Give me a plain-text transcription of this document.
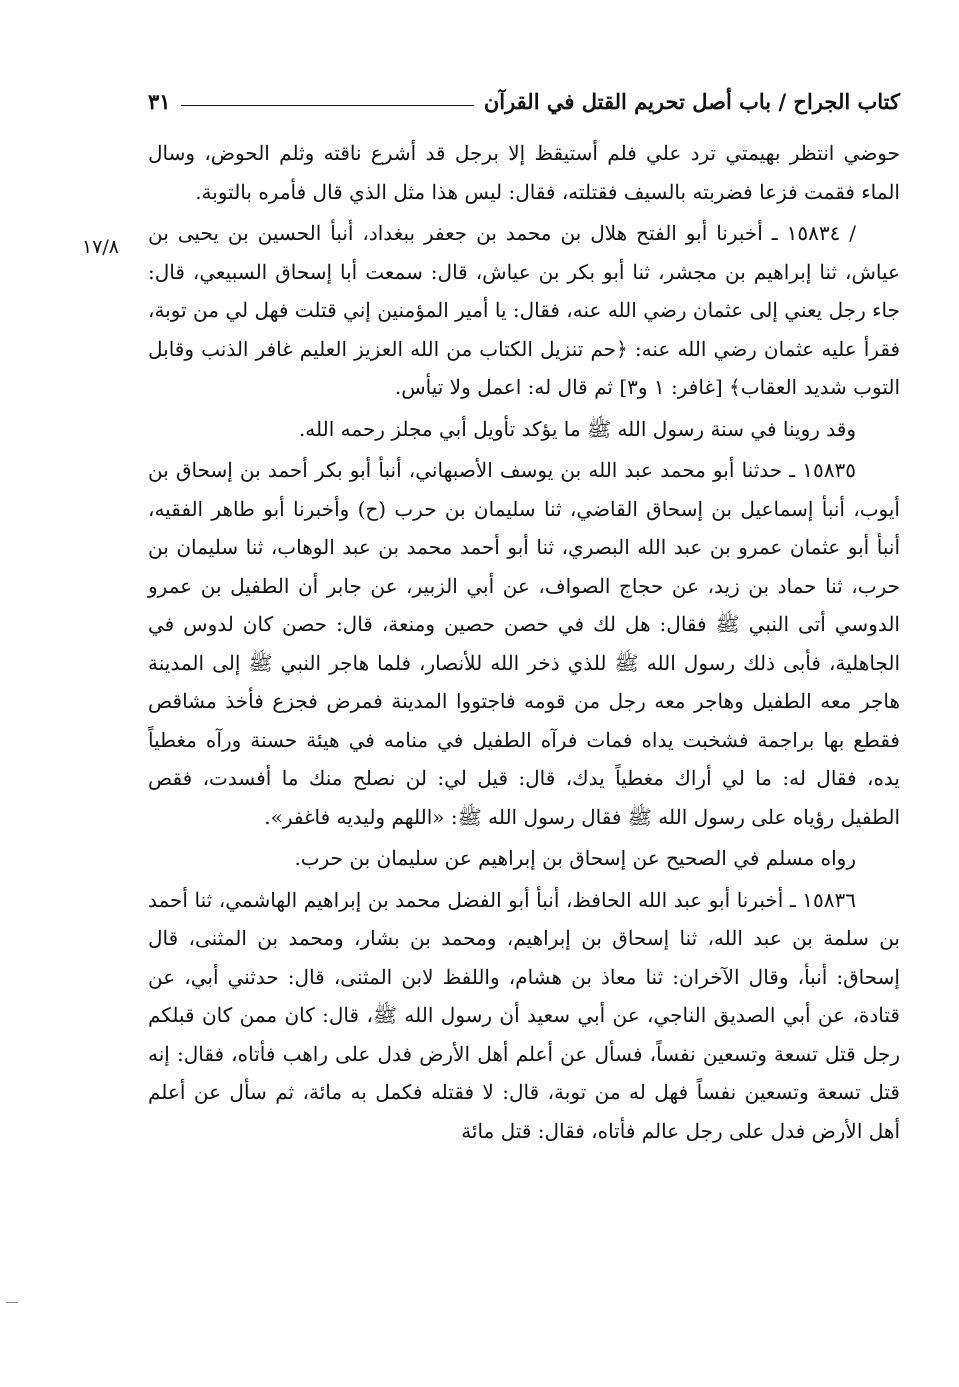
كتاب الجراح / باب أصل تحريم القتل في القرآن
٣١
١٧/٨

حوضي انتظر بهيمتي ترد علي فلم أستيقظ إلا برجل قد أشرع ناقته وثلم الحوض، وسال الماء فقمت فزعا فضربته بالسيف فقتلته، فقال: ليس هذا مثل الذي قال فأمره بالتوبة.

/ ١٥٨٣٤ ـ أخبرنا أبو الفتح هلال بن محمد بن جعفر ببغداد، أنبأ الحسين بن يحيى بن عياش، ثنا إبراهيم بن مجشر، ثنا أبو بكر بن عياش، قال: سمعت أبا إسحاق السبيعي، قال: جاء رجل يعني إلى عثمان رضي الله عنه، فقال: يا أمير المؤمنين إني قتلت فهل لي من توبة، فقرأ عليه عثمان رضي الله عنه: ﴿حم تنزيل الكتاب من الله العزيز العليم غافر الذنب وقابل التوب شديد العقاب﴾ [غافر: ١ و٣] ثم قال له: اعمل ولا تيأس.

وقد روينا في سنة رسول الله ﷺ ما يؤكد تأويل أبي مجلز رحمه الله.

١٥٨٣٥ ـ حدثنا أبو محمد عبد الله بن يوسف الأصبهاني، أنبأ أبو بكر أحمد بن إسحاق بن أيوب، أنبأ إسماعيل بن إسحاق القاضي، ثنا سليمان بن حرب (ح) وأخبرنا أبو طاهر الفقيه، أنبأ أبو عثمان عمرو بن عبد الله البصري، ثنا أبو أحمد محمد بن عبد الوهاب، ثنا سليمان بن حرب، ثنا حماد بن زيد، عن حجاج الصواف، عن أبي الزبير، عن جابر أن الطفيل بن عمرو الدوسي أتى النبي ﷺ فقال: هل لك في حصن حصين ومنعة، قال: حصن كان لدوس في الجاهلية، فأبى ذلك رسول الله ﷺ للذي ذخر الله للأنصار، فلما هاجر النبي ﷺ إلى المدينة هاجر معه الطفيل وهاجر معه رجل من قومه فاجتووا المدينة فمرض فجزع فأخذ مشاقص فقطع بها براجمة فشخبت يداه فمات فرآه الطفيل في منامه في هيئة حسنة ورآه مغطياً يده، فقال له: ما لي أراك مغطياً يدك، قال: قيل لي: لن نصلح منك ما أفسدت، فقص الطفيل رؤياه على رسول الله ﷺ فقال رسول الله ﷺ: «اللهم وليديه فاغفر».

رواه مسلم في الصحيح عن إسحاق بن إبراهيم عن سليمان بن حرب.

١٥٨٣٦ ـ أخبرنا أبو عبد الله الحافظ، أنبأ أبو الفضل محمد بن إبراهيم الهاشمي، ثنا أحمد بن سلمة بن عبد الله، ثنا إسحاق بن إبراهيم، ومحمد بن بشار، ومحمد بن المثنى، قال إسحاق: أنبأ، وقال الآخران: ثنا معاذ بن هشام، واللفظ لابن المثنى، قال: حدثني أبي، عن قتادة، عن أبي الصديق الناجي، عن أبي سعيد أن رسول الله ﷺ، قال: كان ممن كان قبلكم رجل قتل تسعة وتسعين نفساً، فسأل عن أعلم أهل الأرض فدل على راهب فأتاه، فقال: إنه قتل تسعة وتسعين نفساً فهل له من توبة، قال: لا فقتله فكمل به مائة، ثم سأل عن أعلم أهل الأرض فدل على رجل عالم فأتاه، فقال: قتل مائة
